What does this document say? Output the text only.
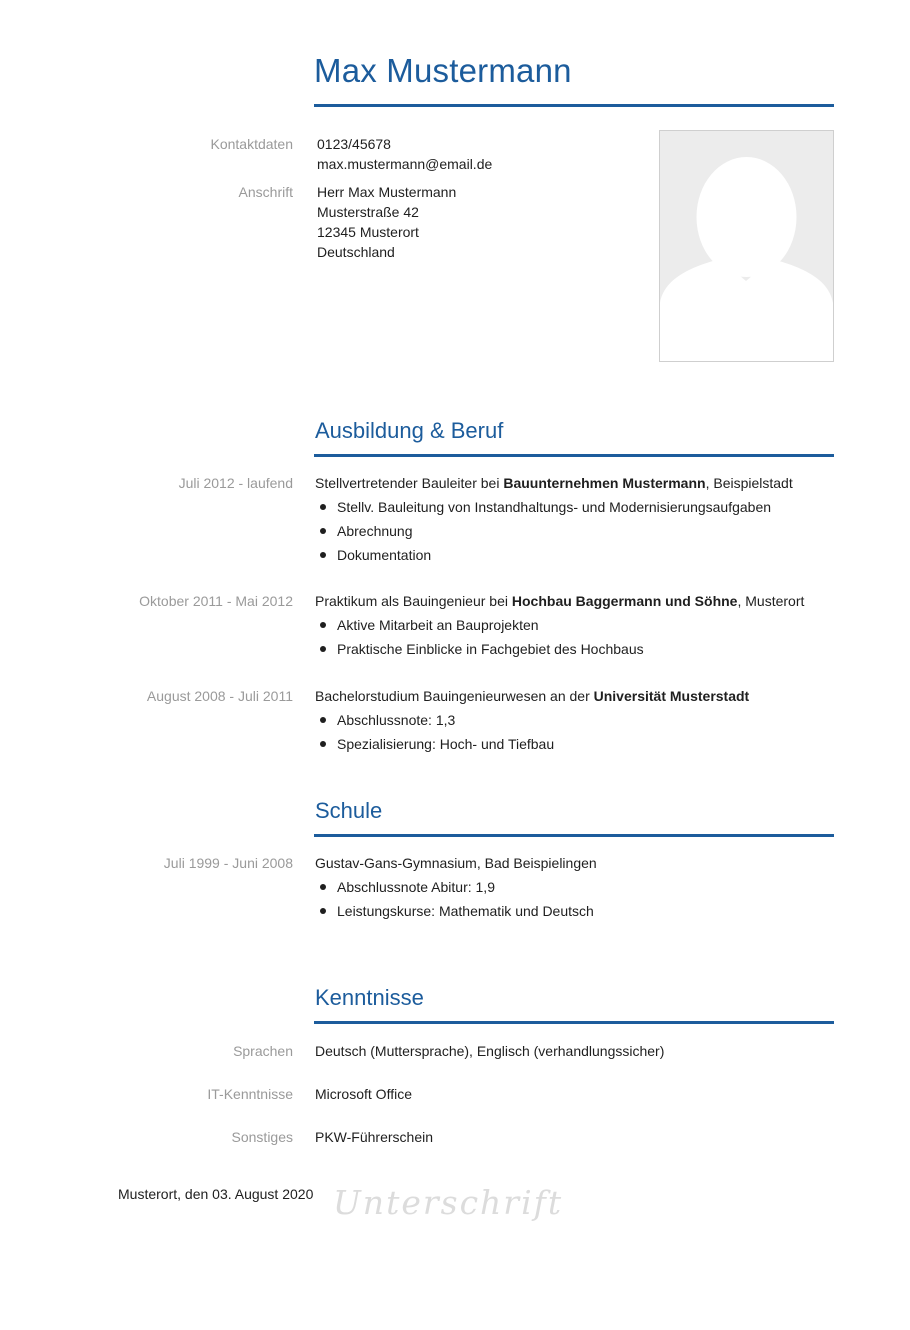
Max Mustermann
Kontaktdaten 0123/45678
max.mustermann@email.de
Anschrift Herr Max Mustermann
Musterstraße 42
12345 Musterort
Deutschland
Ausbildung & Beruf
Juli 2012 - laufend Stellvertretender Bauleiter bei Bauunternehmen Mustermann, Beispielstadt
Stellv. Bauleitung von Instandhaltungs- und Modernisierungsaufgaben
Abrechnung
Dokumentation
Oktober 2011 - Mai 2012 Praktikum als Bauingenieur bei Hochbau Baggermann und Söhne, Musterort
Aktive Mitarbeit an Bauprojekten
Praktische Einblicke in Fachgebiet des Hochbaus
August 2008 - Juli 2011 Bachelorstudium Bauingenieurwesen an der Universität Musterstadt
Abschlussnote: 1,3
Spezialisierung: Hoch- und Tiefbau
Schule
Juli 1999 - Juni 2008 Gustav-Gans-Gymnasium, Bad Beispielingen
Abschlussnote Abitur: 1,9
Leistungskurse: Mathematik und Deutsch
Kenntnisse
Sprachen Deutsch (Muttersprache), Englisch (verhandlungssicher)
IT-Kenntnisse Microsoft Office
Sonstiges PKW-Führerschein
Musterort, den 03. August 2020 Unterschrift
